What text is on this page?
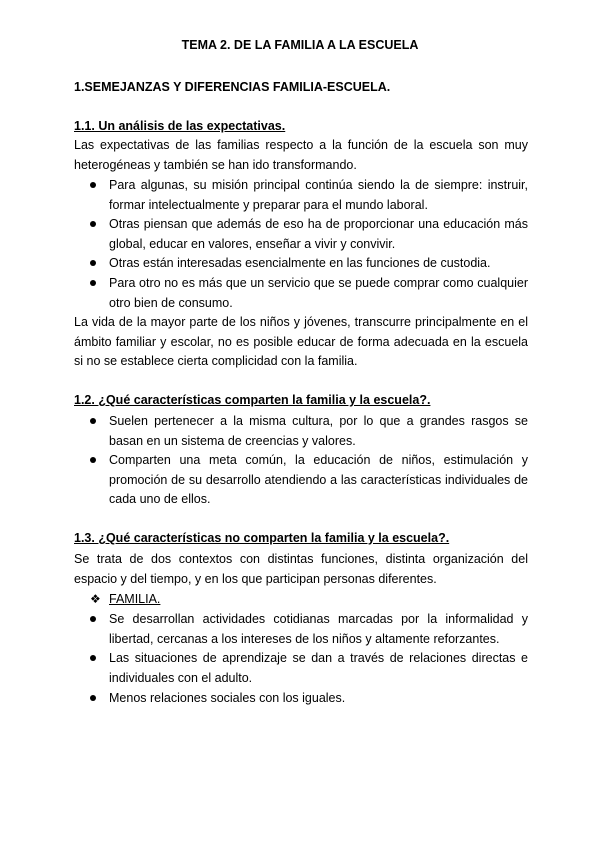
TEMA 2. DE LA FAMILIA A LA ESCUELA
1.SEMEJANZAS Y DIFERENCIAS FAMILIA-ESCUELA.
1.1. Un análisis de las expectativas.
Las expectativas de las familias respecto a la función de la escuela son muy heterogéneas y también se han ido transformando.
Para algunas, su misión principal continúa siendo la de siempre: instruir, formar intelectualmente y preparar para el mundo laboral.
Otras piensan que además de eso ha de proporcionar una educación más global, educar en valores, enseñar a vivir y convivir.
Otras están interesadas esencialmente en las funciones de custodia.
Para otro no es más que un servicio que se puede comprar como cualquier otro bien de consumo.
La vida de la mayor parte de los niños y jóvenes, transcurre principalmente en el ámbito familiar y escolar, no es posible educar de forma adecuada en la escuela si no se establece cierta complicidad con la familia.
1.2. ¿Qué características comparten la familia y la escuela?.
Suelen pertenecer a la misma cultura, por lo que a grandes rasgos se basan en un sistema de creencias y valores.
Comparten una meta común, la educación de niños, estimulación y promoción de su desarrollo atendiendo a las características individuales de cada uno de ellos.
1.3. ¿Qué características no comparten la familia y la escuela?.
Se trata de dos contextos con distintas funciones, distinta organización del espacio y del tiempo, y en los que participan personas diferentes.
❖ FAMILIA.
Se desarrollan actividades cotidianas marcadas por la informalidad y libertad, cercanas a los intereses de los niños y altamente reforzantes.
Las situaciones de aprendizaje se dan a través de relaciones directas e individuales con el adulto.
Menos relaciones sociales con los iguales.
